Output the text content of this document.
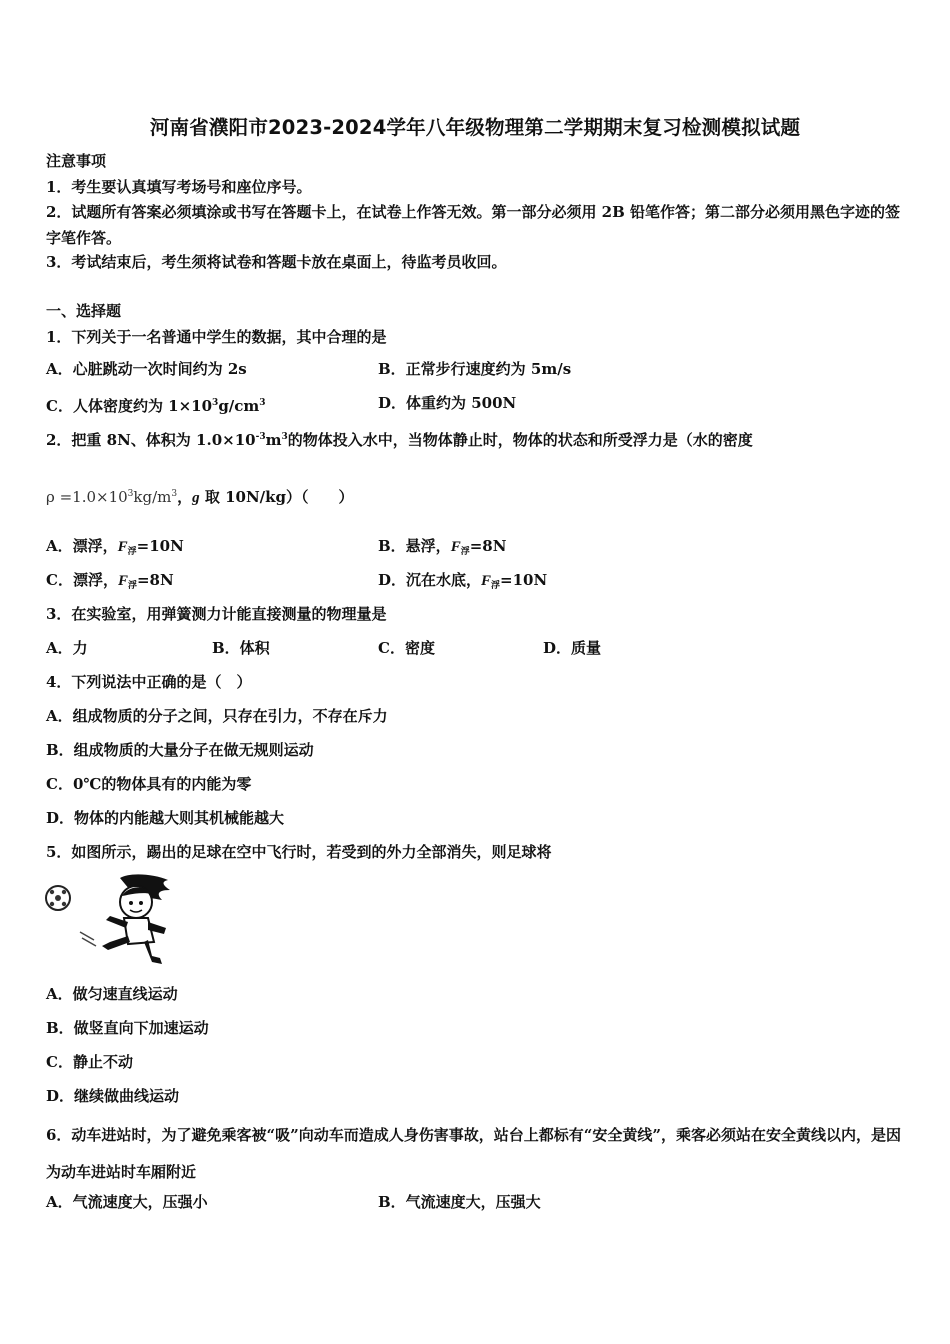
河南省濮阳市2023-2024学年八年级物理第二学期期末复习检测模拟试题
注意事项
1．考生要认真填写考场号和座位序号。
2．试题所有答案必须填涂或书写在答题卡上，在试卷上作答无效。第一部分必须用 2B 铅笔作答；第二部分必须用黑色字迹的签字笔作答。
3．考试结束后，考生须将试卷和答题卡放在桌面上，待监考员收回。
一、选择题
1．下列关于一名普通中学生的数据，其中合理的是
A．心脏跳动一次时间约为 2s	B．正常步行速度约为 5m/s
C．人体密度约为 $1\times 10^3g/cm^3$	D．体重约为 500N
2．把重 8N、体积为 $1.0\times 10^{-3}m^3$的物体投入水中，当物体静止时，物体的状态和所受浮力是（水的密度
$\rho =1.0\times 10^3kg/m^3$，g 取 10N/kg）（　　）
A．漂浮，$F_浮=10N$	B．悬浮，$F_浮=8N$
C．漂浮，$F_浮=8N$	D．沉在水底，$F_浮=10N$
3．在实验室，用弹簧测力计能直接测量的物理量是
A．力	B．体积	C．密度	D．质量
4．下列说法中正确的是（　）
A．组成物质的分子之间，只存在引力，不存在斥力
B．组成物质的大量分子在做无规则运动
C．0℃的物体具有的内能为零
D．物体的内能越大则其机械能越大
5．如图所示，踢出的足球在空中飞行时，若受到的外力全部消失，则足球将
A．做匀速直线运动
B．做竖直向下加速运动
C．静止不动
D．继续做曲线运动
6．动车进站时，为了避免乘客被“吸”向动车而造成人身伤害事故，站台上都标有“安全黄线”，乘客必须站在安全黄线以内，是因为动车进站时车厢附近
A．气流速度大，压强小	B．气流速度大，压强大
